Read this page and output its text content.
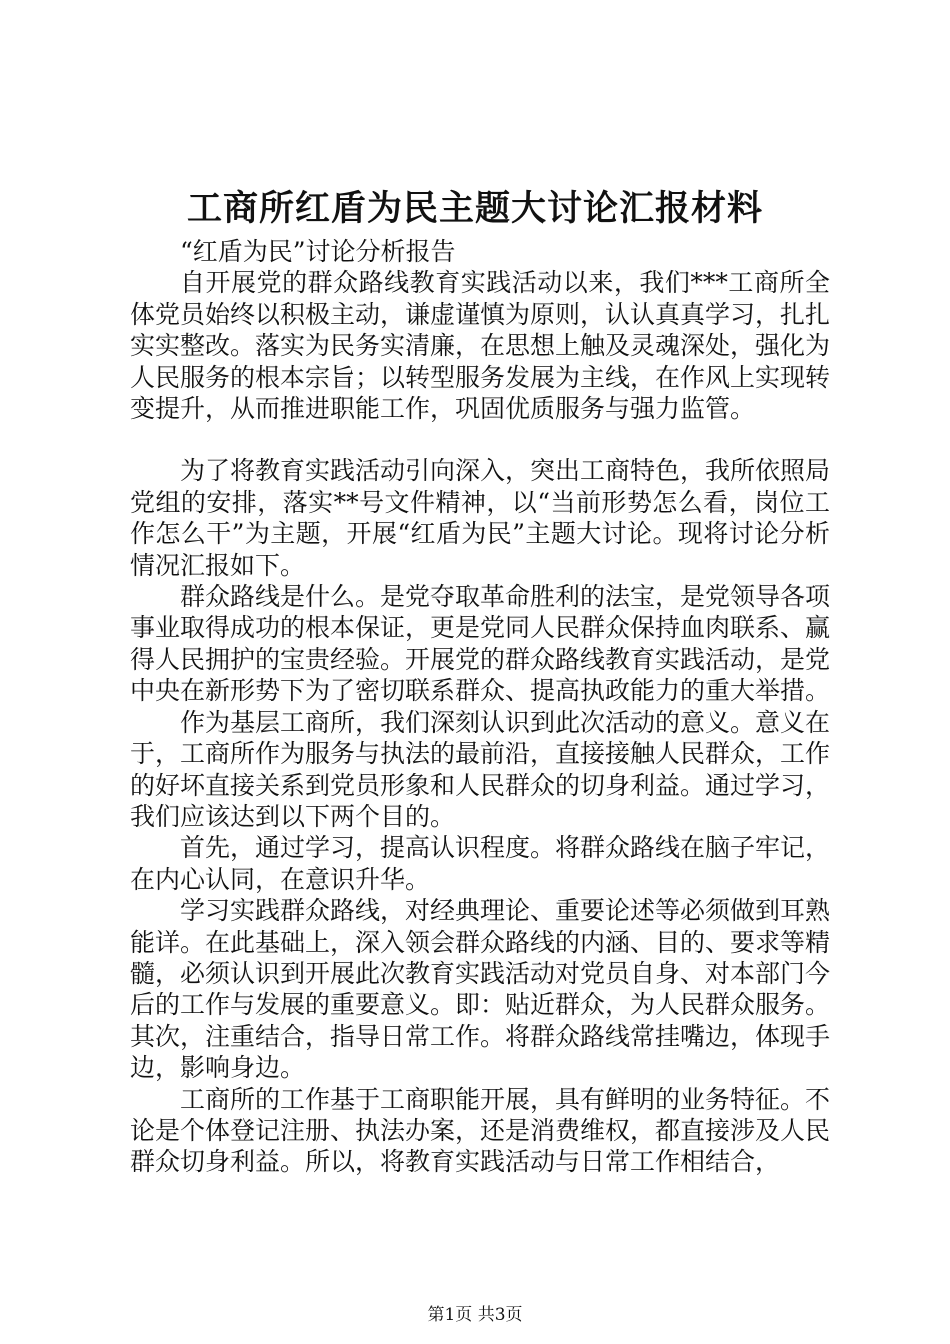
工商所红盾为民主题大讨论汇报材料

“红盾为民”讨论分析报告

自开展党的群众路线教育实践活动以来，我们***工商所全体党员始终以积极主动，谦虚谨慎为原则，认认真真学习，扎扎实实整改。落实为民务实清廉，在思想上触及灵魂深处，强化为人民服务的根本宗旨；以转型服务发展为主线，在作风上实现转变提升，从而推进职能工作，巩固优质服务与强力监管。

为了将教育实践活动引向深入，突出工商特色，我所依照局党组的安排，落实**号文件精神，以“当前形势怎么看，岗位工作怎么干”为主题，开展“红盾为民”主题大讨论。现将讨论分析情况汇报如下。

群众路线是什么。是党夺取革命胜利的法宝，是党领导各项事业取得成功的根本保证，更是党同人民群众保持血肉联系、赢得人民拥护的宝贵经验。开展党的群众路线教育实践活动，是党中央在新形势下为了密切联系群众、提高执政能力的重大举措。

作为基层工商所，我们深刻认识到此次活动的意义。意义在于，工商所作为服务与执法的最前沿，直接接触人民群众，工作的好坏直接关系到党员形象和人民群众的切身利益。通过学习，我们应该达到以下两个目的。

首先，通过学习，提高认识程度。将群众路线在脑子牢记，在内心认同，在意识升华。

学习实践群众路线，对经典理论、重要论述等必须做到耳熟能详。在此基础上，深入领会群众路线的内涵、目的、要求等精髓，必须认识到开展此次教育实践活动对党员自身、对本部门今后的工作与发展的重要意义。即：贴近群众，为人民群众服务。其次，注重结合，指导日常工作。将群众路线常挂嘴边，体现手边，影响身边。

工商所的工作基于工商职能开展，具有鲜明的业务特征。不论是个体登记注册、执法办案，还是消费维权，都直接涉及人民群众切身利益。所以，将教育实践活动与日常工作相结合，

第1页 共3页
